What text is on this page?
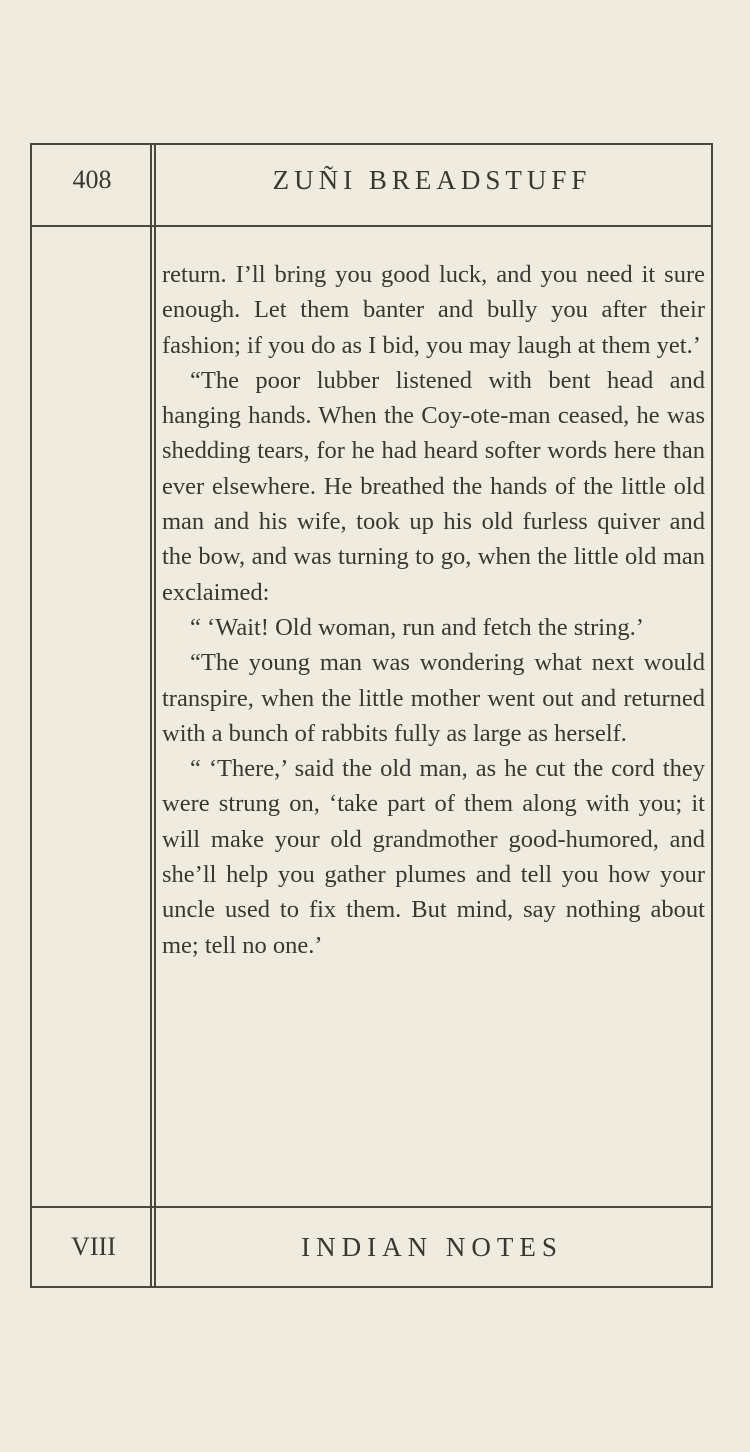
408	ZUÑI BREADSTUFF

return. I’ll bring you good luck, and you need it sure enough. Let them banter and bully you after their fashion; if you do as I bid, you may laugh at them yet.’

“The poor lubber listened with bent head and hanging hands. When the Coy-ote-man ceased, he was shedding tears, for he had heard softer words here than ever elsewhere. He breathed the hands of the little old man and his wife, took up his old furless quiver and the bow, and was turning to go, when the little old man exclaimed:

“ ‘Wait! Old woman, run and fetch the string.’

“The young man was wondering what next would transpire, when the little mother went out and returned with a bunch of rabbits fully as large as herself.

“ ‘There,’ said the old man, as he cut the cord they were strung on, ‘take part of them along with you; it will make your old grandmother good-humored, and she’ll help you gather plumes and tell you how your uncle used to fix them. But mind, say nothing about me; tell no one.’

VIII	INDIAN NOTES
